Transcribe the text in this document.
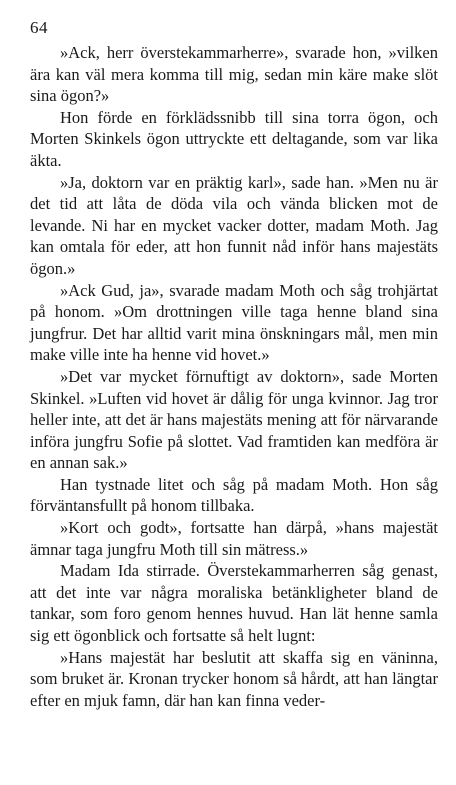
64

»Ack, herr överstekammarherre», svarade hon, »vilken ära kan väl mera komma till mig, sedan min käre make slöt sina ögon?»

Hon förde en förklädssnibb till sina torra ögon, och Morten Skinkels ögon uttryckte ett deltagande, som var lika äkta.

»Ja, doktorn var en präktig karl», sade han. »Men nu är det tid att låta de döda vila och vända blicken mot de levande. Ni har en mycket vacker dotter, madam Moth. Jag kan omtala för eder, att hon funnit nåd inför hans majestäts ögon.»

»Ack Gud, ja», svarade madam Moth och såg trohjärtat på honom. »Om drottningen ville taga henne bland sina jungfrur. Det har alltid varit mina önskningars mål, men min make ville inte ha henne vid hovet.»

»Det var mycket förnuftigt av doktorn», sade Morten Skinkel. »Luften vid hovet är dålig för unga kvinnor. Jag tror heller inte, att det är hans majestäts mening att för närvarande införa jungfru Sofie på slottet. Vad framtiden kan medföra är en annan sak.»

Han tystnade litet och såg på madam Moth. Hon såg förväntansfullt på honom tillbaka.

»Kort och godt», fortsatte han därpå, »hans majestät ämnar taga jungfru Moth till sin mätress.»

Madam Ida stirrade. Överstekammarherren såg genast, att det inte var några moraliska betänkligheter bland de tankar, som foro genom hennes huvud. Han lät henne samla sig ett ögonblick och fortsatte så helt lugnt:

»Hans majestät har beslutit att skaffa sig en väninna, som bruket är. Kronan trycker honom så hårdt, att han längtar efter en mjuk famn, där han kan finna veder-
